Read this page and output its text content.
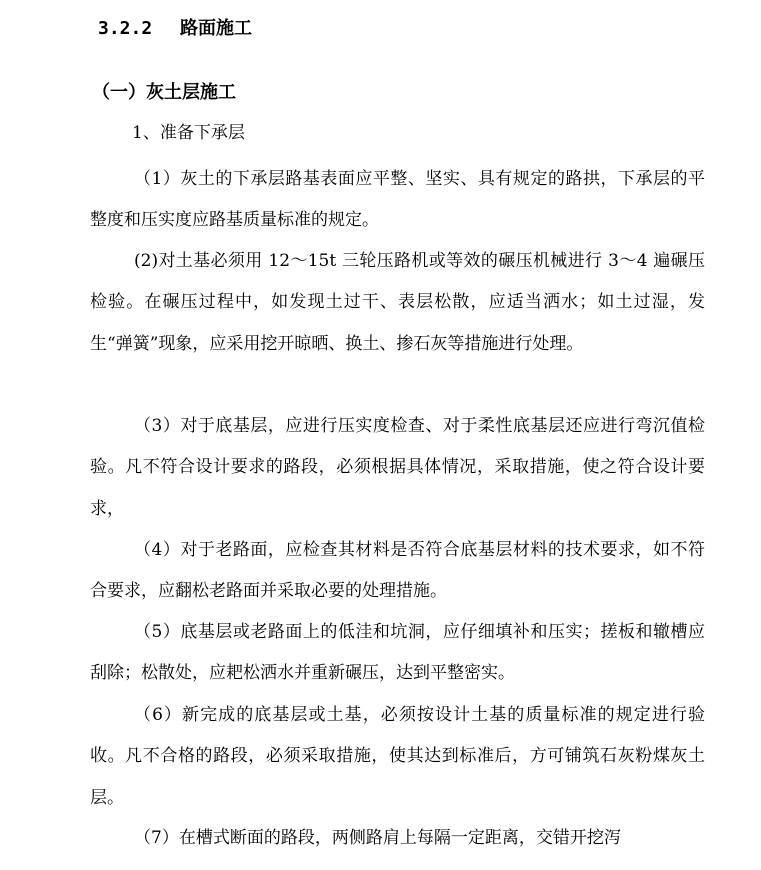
3.2.2 路面施工
（一）灰土层施工
1、准备下承层

（1）灰土的下承层路基表面应平整、坚实、具有规定的路拱，下承层的平整度和压实度应路基质量标准的规定。

(2)对土基必须用 12～15t 三轮压路机或等效的碾压机械进行 3～4 遍碾压检验。在碾压过程中，如发现土过干、表层松散，应适当洒水；如土过湿，发生“弹簧”现象，应采用挖开晾晒、换土、掺石灰等措施进行处理。

（3）对于底基层，应进行压实度检查、对于柔性底基层还应进行弯沉值检验。凡不符合设计要求的路段，必须根据具体情况，采取措施，使之符合设计要求，

（4）对于老路面，应检查其材料是否符合底基层材料的技术要求，如不符合要求，应翻松老路面并采取必要的处理措施。

（5）底基层或老路面上的低洼和坑洞，应仔细填补和压实；搓板和辙槽应刮除；松散处，应耙松洒水并重新碾压，达到平整密实。

（6）新完成的底基层或土基，必须按设计土基的质量标准的规定进行验收。凡不合格的路段，必须采取措施，使其达到标准后，方可铺筑石灰粉煤灰土层。

（7）在槽式断面的路段，两侧路肩上每隔一定距离，交错开挖泻
